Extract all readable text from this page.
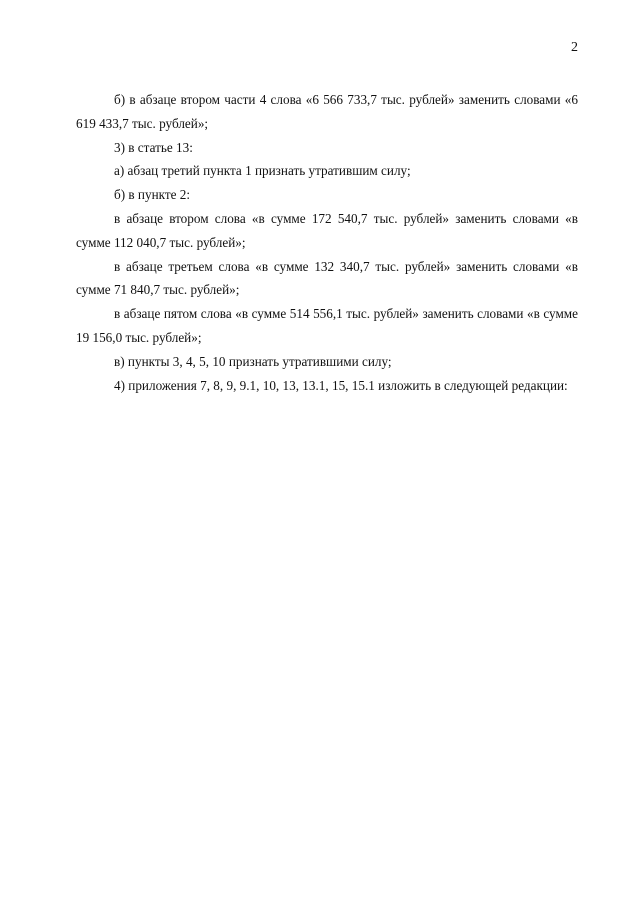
2

б) в абзаце втором части 4 слова «6 566 733,7 тыс. рублей» заменить словами «6 619 433,7 тыс. рублей»;

3) в статье 13:

а) абзац третий пункта 1 признать утратившим силу;

б) в пункте 2:

в абзаце втором слова «в сумме 172 540,7 тыс. рублей» заменить словами «в сумме 112 040,7 тыс. рублей»;

в абзаце третьем слова «в сумме 132 340,7 тыс. рублей» заменить словами «в сумме 71 840,7 тыс. рублей»;

в абзаце пятом слова «в сумме 514 556,1 тыс. рублей» заменить словами «в сумме 19 156,0 тыс. рублей»;

в) пункты 3, 4, 5, 10 признать утратившими силу;

4) приложения 7, 8, 9, 9.1, 10, 13, 13.1, 15, 15.1 изложить в следующей редакции:
